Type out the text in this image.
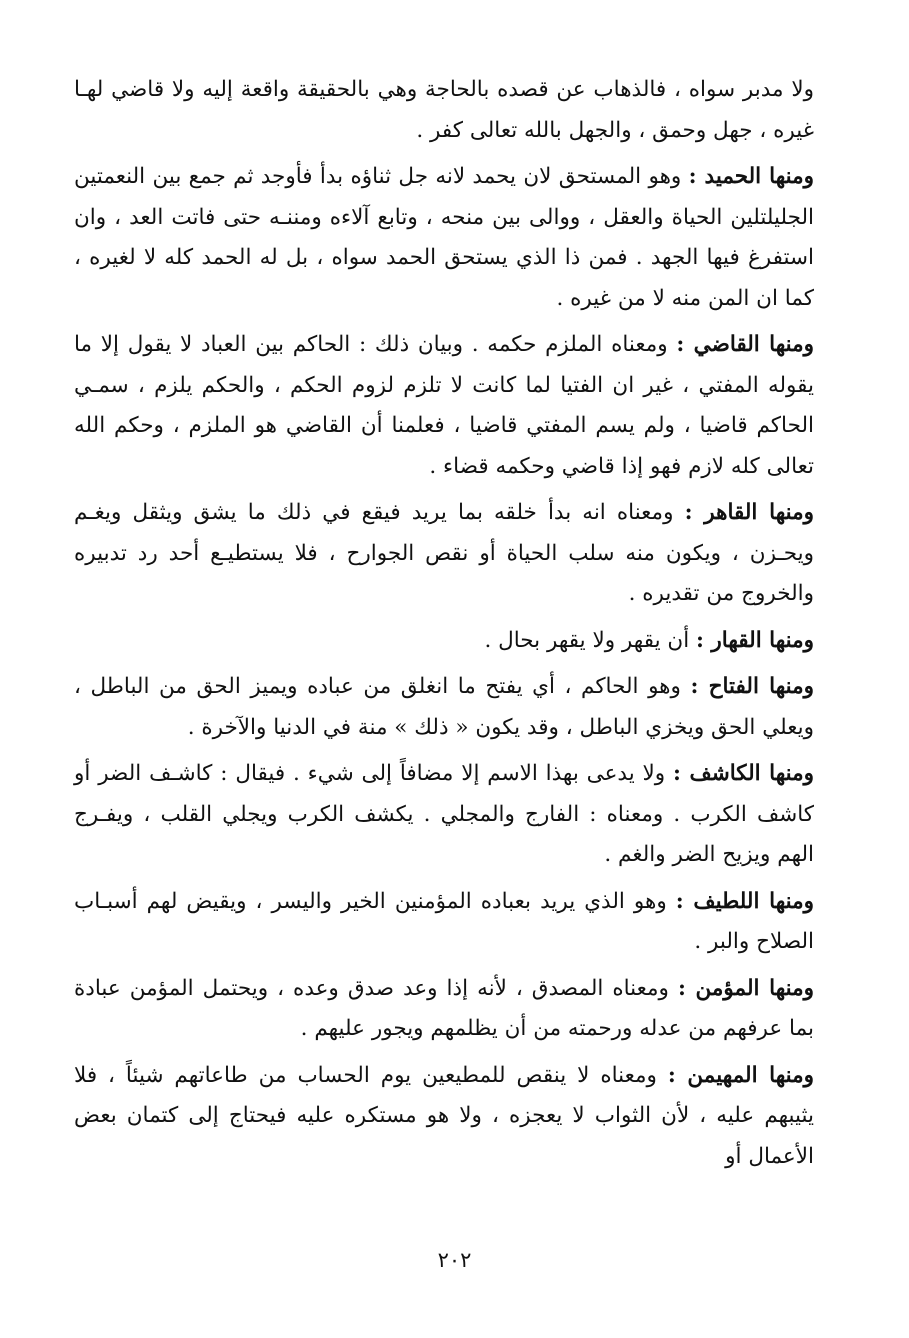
ولا مدبر سواه ، فالذهاب عن قصده بالحاجة وهي بالحقيقة واقعة إليه ولا قاضي لهـا غيره ، جهل وحمق ، والجهل بالله تعالى كفر .

ومنها الحميد : وهو المستحق لان يحمد لانه جل ثناؤه بدأ فأوجد ثم جمع بين النعمتين الجليلتلين الحياة والعقل ، ووالى بين منحه ، وتابع آلاءه ومننـه حتى فاتت العد ، وان استفرغ فيها الجهد . فمن ذا الذي يستحق الحمد سواه ، بل له الحمد كله لا لغيره ، كما ان المن منه لا من غيره .

ومنها القاضي : ومعناه الملزم حكمه . وبيان ذلك : الحاكم بين العباد لا يقول إلا ما يقوله المفتي ، غير ان الفتيا لما كانت لا تلزم لزوم الحكم ، والحكم يلزم ، سمـي الحاكم قاضيا ، ولم يسم المفتي قاضيا ، فعلمنا أن القاضي هو الملزم ، وحكم الله تعالى كله لازم فهو إذا قاضي وحكمه قضاء .

ومنها القاهر : ومعناه انه بدأ خلقه بما يريد فيقع في ذلك ما يشق ويثقل ويغـم ويحـزن ، ويكون منه سلب الحياة أو نقص الجوارح ، فلا يستطيـع أحد رد تدبيره والخروج من تقديره .

ومنها القهار : أن يقهر ولا يقهر بحال .

ومنها الفتاح : وهو الحاكم ، أي يفتح ما انغلق من عباده ويميز الحق من الباطل ، ويعلي الحق ويخزي الباطل ، وقد يكون « ذلك » منة في الدنيا والآخرة .

ومنها الكاشف : ولا يدعى بهذا الاسم إلا مضافاً إلى شيء . فيقال : كاشـف الضر أو كاشف الكرب . ومعناه : الفارج والمجلي . يكشف الكرب ويجلي القلب ، ويفـرج الهم ويزيح الضر والغم .

ومنها اللطيف : وهو الذي يريد بعباده المؤمنين الخير واليسر ، ويقيض لهم أسبـاب الصلاح والبر .

ومنها المؤمن : ومعناه المصدق ، لأنه إذا وعد صدق وعده ، ويحتمل المؤمن عبادة بما عرفهم من عدله ورحمته من أن يظلمهم ويجور عليهم .

ومنها المهيمن : ومعناه لا ينقص للمطيعين يوم الحساب من طاعاتهم شيئاً ، فلا يثيبهم عليه ، لأن الثواب لا يعجزه ، ولا هو مستكره عليه فيحتاج إلى كتمان بعض الأعمال أو

٢٠٢
